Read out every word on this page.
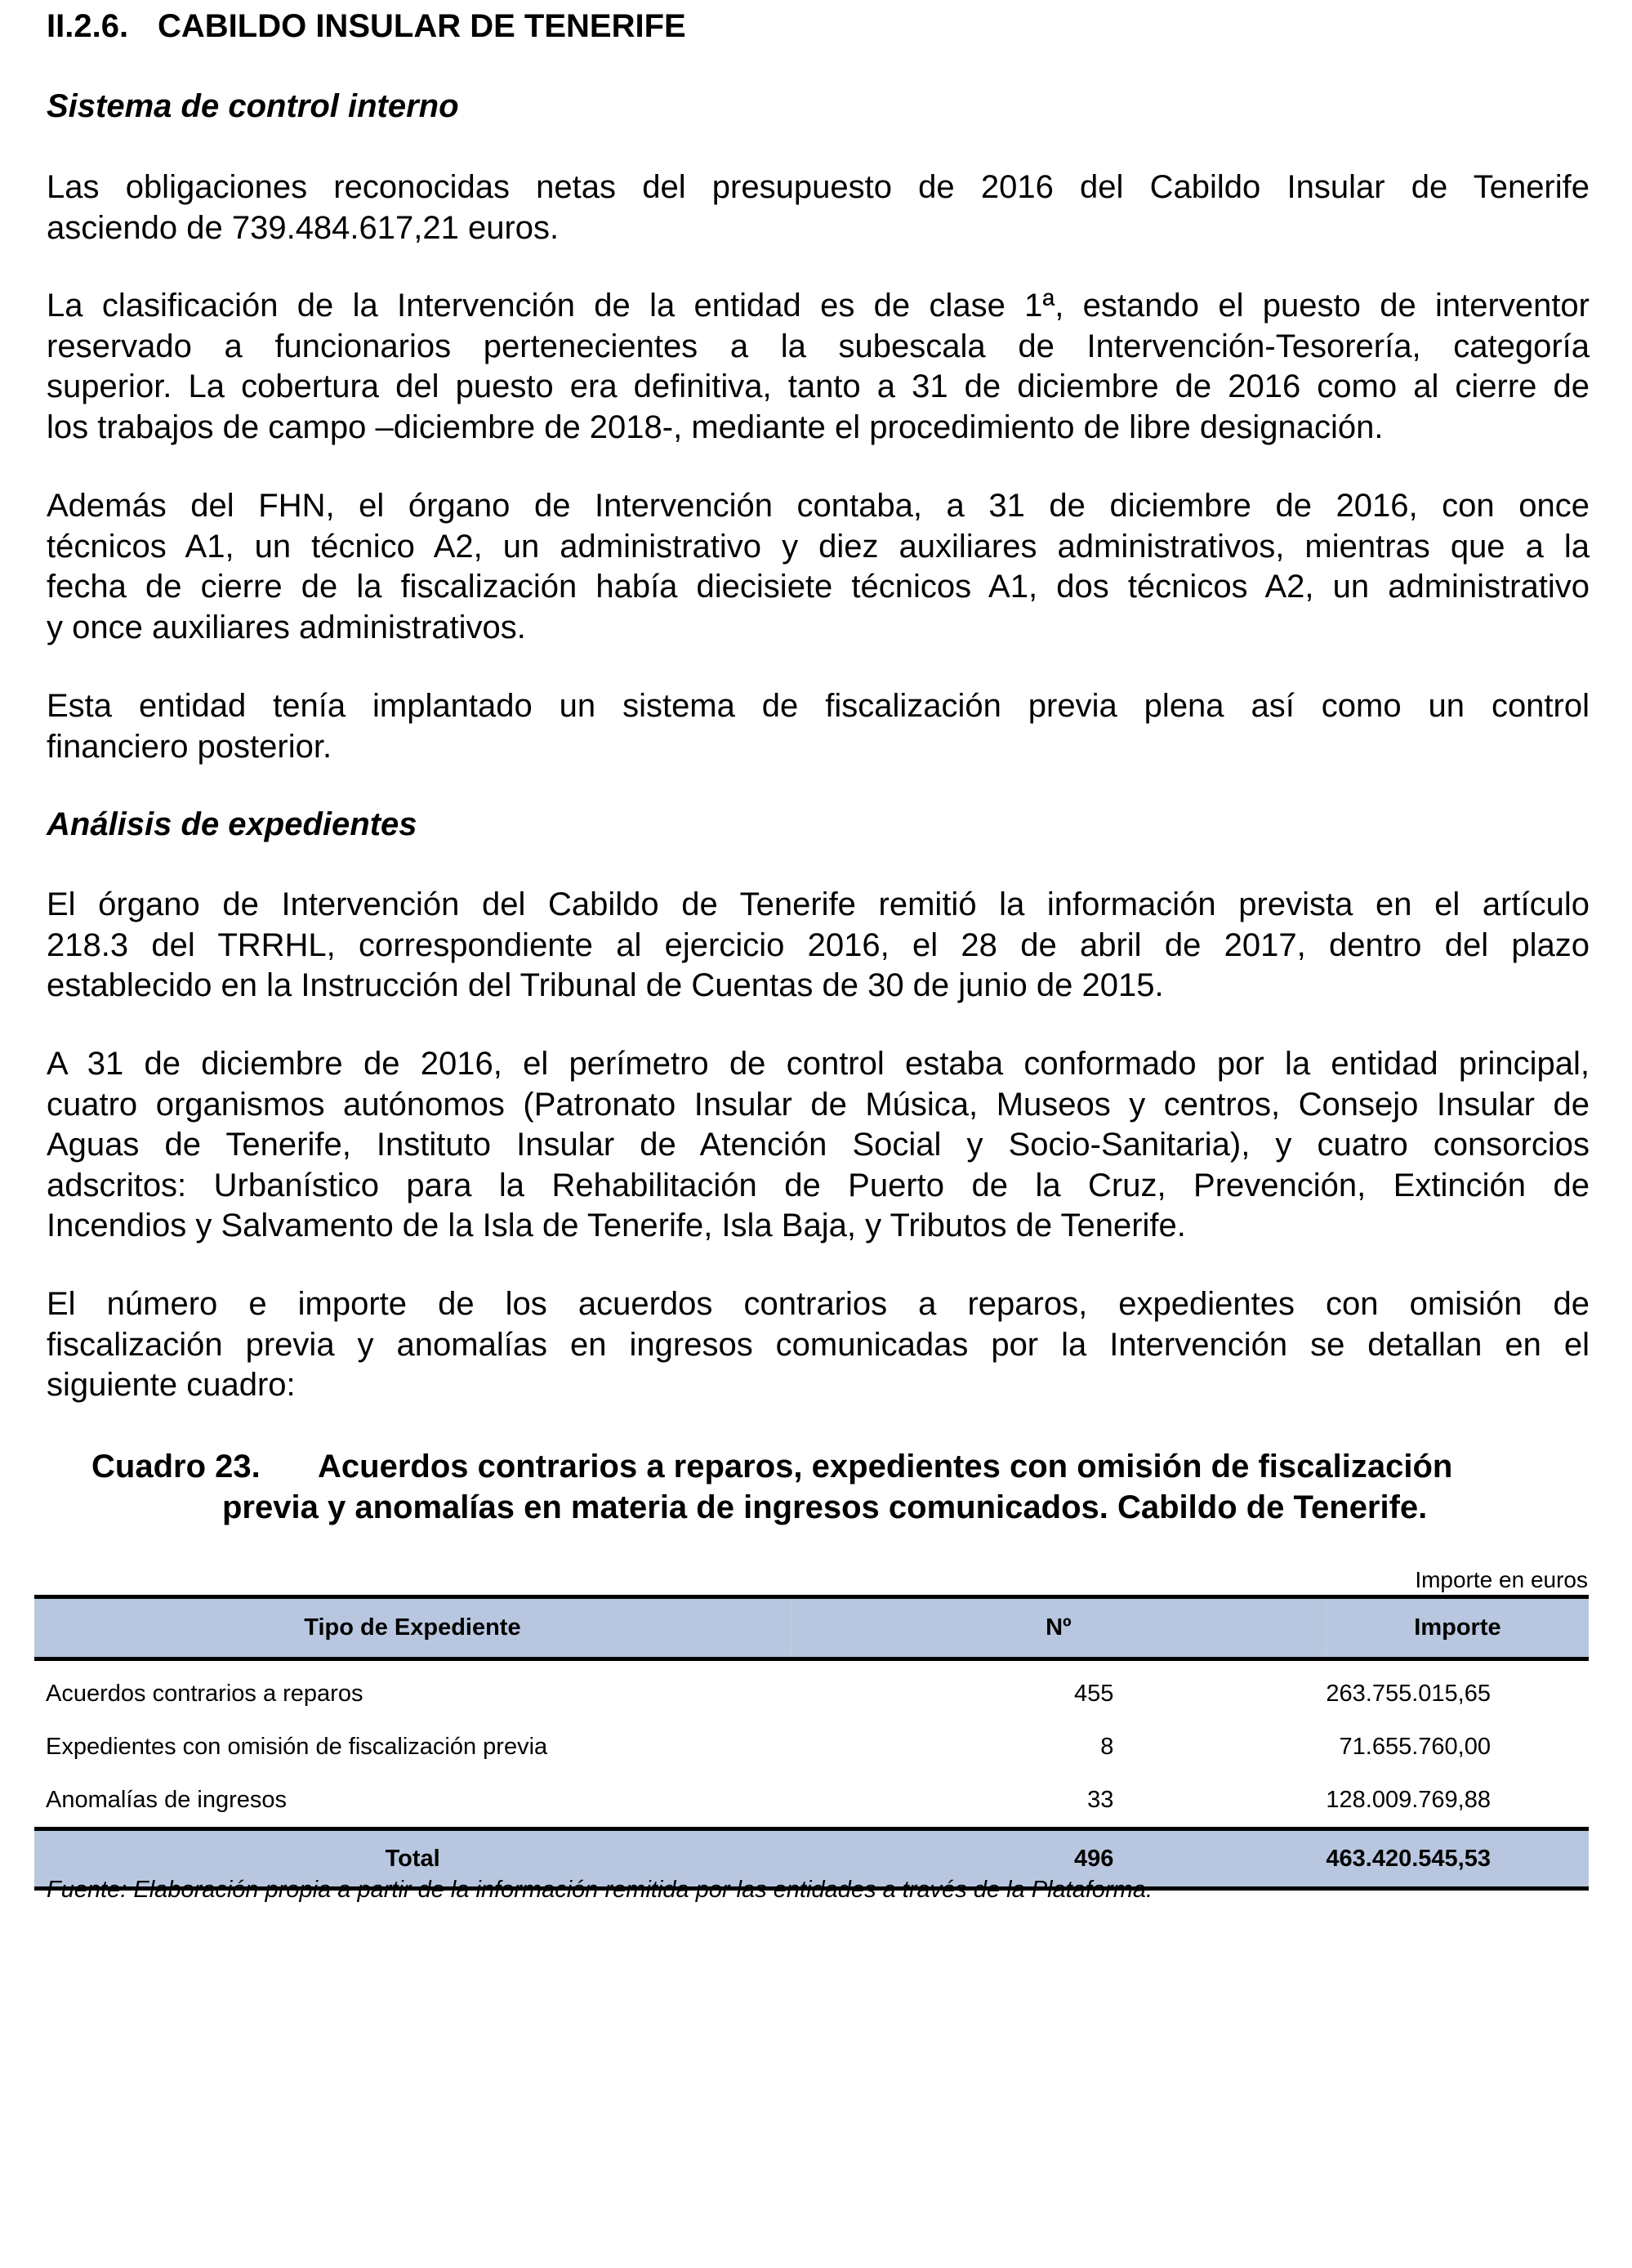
II.2.6. CABILDO INSULAR DE TENERIFE
Sistema de control interno
Las obligaciones reconocidas netas del presupuesto de 2016 del Cabildo Insular de Tenerife
asciendo de 739.484.617,21 euros.
La clasificación de la Intervención de la entidad es de clase 1ª, estando el puesto de interventor
reservado a funcionarios pertenecientes a la subescala de Intervención-Tesorería, categoría
superior. La cobertura del puesto era definitiva, tanto a 31 de diciembre de 2016 como al cierre de
los trabajos de campo –diciembre de 2018-, mediante el procedimiento de libre designación.
Además del FHN, el órgano de Intervención contaba, a 31 de diciembre de 2016, con once
técnicos A1, un técnico A2, un administrativo y diez auxiliares administrativos, mientras que a la
fecha de cierre de la fiscalización había diecisiete técnicos A1, dos técnicos A2, un administrativo
y once auxiliares administrativos.
Esta entidad tenía implantado un sistema de fiscalización previa plena así como un control
financiero posterior.
Análisis de expedientes
El órgano de Intervención del Cabildo de Tenerife remitió la información prevista en el artículo
218.3 del TRRHL, correspondiente al ejercicio 2016, el 28 de abril de 2017, dentro del plazo
establecido en la Instrucción del Tribunal de Cuentas de 30 de junio de 2015.
A 31 de diciembre de 2016, el perímetro de control estaba conformado por la entidad principal,
cuatro organismos autónomos (Patronato Insular de Música, Museos y centros, Consejo Insular de
Aguas de Tenerife, Instituto Insular de Atención Social y Socio-Sanitaria), y cuatro consorcios
adscritos: Urbanístico para la Rehabilitación de Puerto de la Cruz, Prevención, Extinción de
Incendios y Salvamento de la Isla de Tenerife, Isla Baja, y Tributos de Tenerife.
El número e importe de los acuerdos contrarios a reparos, expedientes con omisión de
fiscalización previa y anomalías en ingresos comunicadas por la Intervención se detallan en el
siguiente cuadro:
Cuadro 23. Acuerdos contrarios a reparos, expedientes con omisión de fiscalización
previa y anomalías en materia de ingresos comunicados. Cabildo de Tenerife.
Importe en euros
Tipo de Expediente	Nº	Importe
Acuerdos contrarios a reparos	455	263.755.015,65
Expedientes con omisión de fiscalización previa	8	71.655.760,00
Anomalías de ingresos	33	128.009.769,88
Total	496	463.420.545,53
Fuente: Elaboración propia a partir de la información remitida por las entidades a través de la Plataforma.
